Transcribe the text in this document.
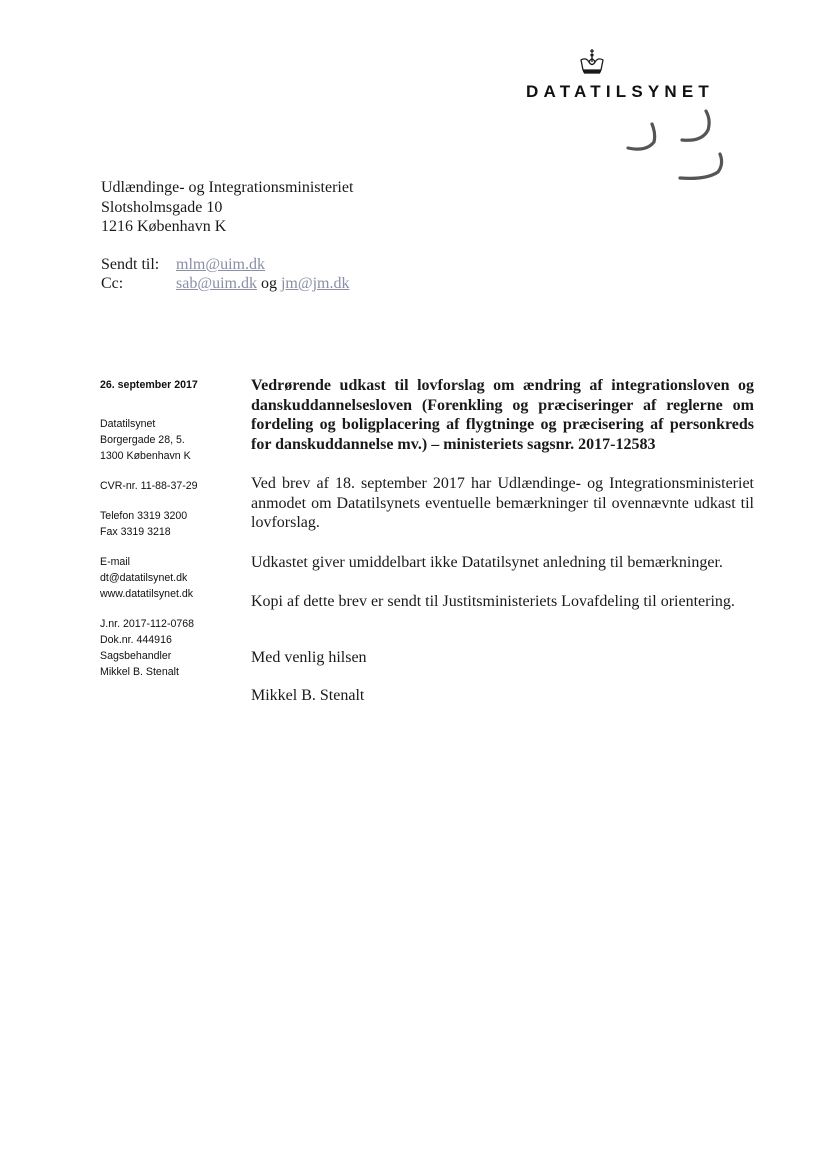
DATATILSYNET
Udlændinge- og Integrationsministeriet
Slotsholmsgade 10
1216 København K
Sendt til:	mlm@uim.dk
Cc:	sab@uim.dk og jm@jm.dk
26. september 2017
Datatilsynet
Borgergade 28, 5.
1300 København K
CVR-nr. 11-88-37-29
Telefon 3319 3200
Fax 3319 3218
E-mail
dt@datatilsynet.dk
www.datatilsynet.dk
J.nr. 2017-112-0768
Dok.nr. 444916
Sagsbehandler
Mikkel B. Stenalt

Vedrørende udkast til lovforslag om ændring af integrationsloven og danskuddannelsesloven (Forenkling og præciseringer af reglerne om fordeling og boligplacering af flygtninge og præcisering af personkreds for danskuddannelse mv.) – ministeriets sagsnr. 2017-12583

Ved brev af 18. september 2017 har Udlændinge- og Integrationsministeriet anmodet om Datatilsynets eventuelle bemærkninger til ovennævnte udkast til lovforslag.

Udkastet giver umiddelbart ikke Datatilsynet anledning til bemærkninger.

Kopi af dette brev er sendt til Justitsministeriets Lovafdeling til orientering.

Med venlig hilsen
Mikkel B. Stenalt
